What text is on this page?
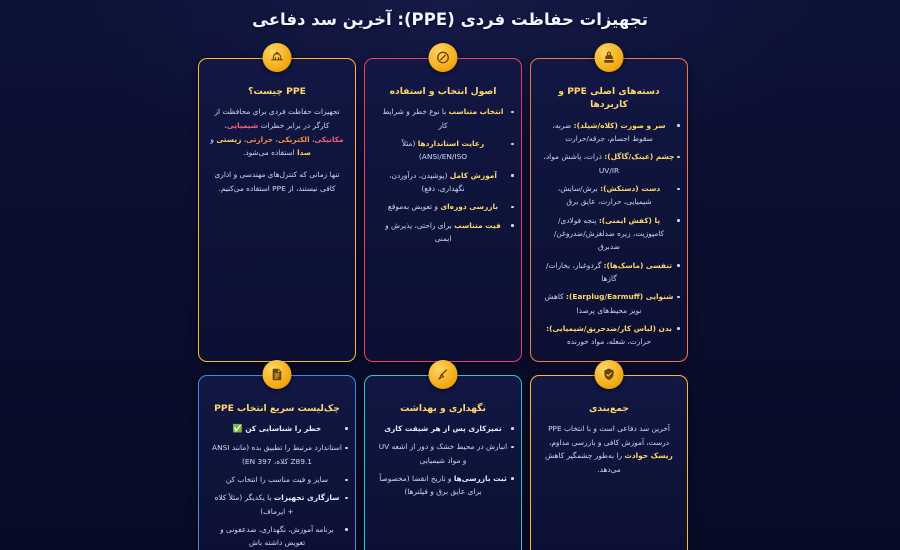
تجهیزات حفاظت فردی (PPE): آخرین سد دفاعی
PPE چیست؟
تجهیزات حفاظت فردی برای محافظت از کارگر در برابر خطرات شیمیایی، مکانیکی، الکتریکی، حرارتی، زیستی و صدا استفاده می‌شود.
تنها زمانی که کنترل‌های مهندسی و اداری کافی نیستند، از PPE استفاده می‌کنیم.
اصول انتخاب و استفاده
انتخاب متناسب با نوع خطر و شرایط کار
رعایت استانداردها (مثلاً ANSI/EN/ISO)
آموزش کامل (پوشیدن، درآوردن، نگهداری، دفع)
بازرسی دوره‌ای و تعویض به‌موقع
فیت متناسب برای راحتی، پذیرش و ایمنی
دسته‌های اصلی PPE و کاربردها
سر و صورت (کلاه/شیلد): ضربه، سقوط اجسام، جرقه/حرارت
چشم (عینک/گاگل): ذرات، پاشش مواد، UV/IR
دست (دستکش): برش/سایش، شیمیایی، حرارت، عایق برق
پا (کفش ایمنی): پنجه فولادی/کامپوزیت، زیره ضدلغزش/ضدروغن/ضدبرق
تنفسی (ماسک‌ها): گردوغبار، بخارات/گازها
شنوایی (Earplug/Earmuff): کاهش نویز محیط‌های پرصدا
بدن (لباس کار/ضدحریق/شیمیایی): حرارت، شعله، مواد خورنده
چک‌لیست سریع انتخاب PPE
خطر را شناسایی کن ✅
استاندارد مرتبط را تطبیق بده (مانند ANSI Z89.1 کلاه، EN 397)
سایز و فیت مناسب را انتخاب کن
سازگاری تجهیزات با یکدیگر (مثلاً کلاه + ایرماف)
برنامه آموزش، نگهداری، ضدعفونی و تعویض داشته باش
نگهداری و بهداشت
تمیزکاری پس از هر شیفت کاری
انبارش در محیط خشک و دور از اشعه UV و مواد شیمیایی
ثبت بازرسی‌ها و تاریخ انقضا (مخصوصاً برای عایق برق و فیلترها)
جمع‌بندی
آخرین سد دفاعی است و با انتخاب PPE درست، آموزش کافی و بازرسی مداوم، ریسک حوادث را به‌طور چشمگیر کاهش می‌دهد.
